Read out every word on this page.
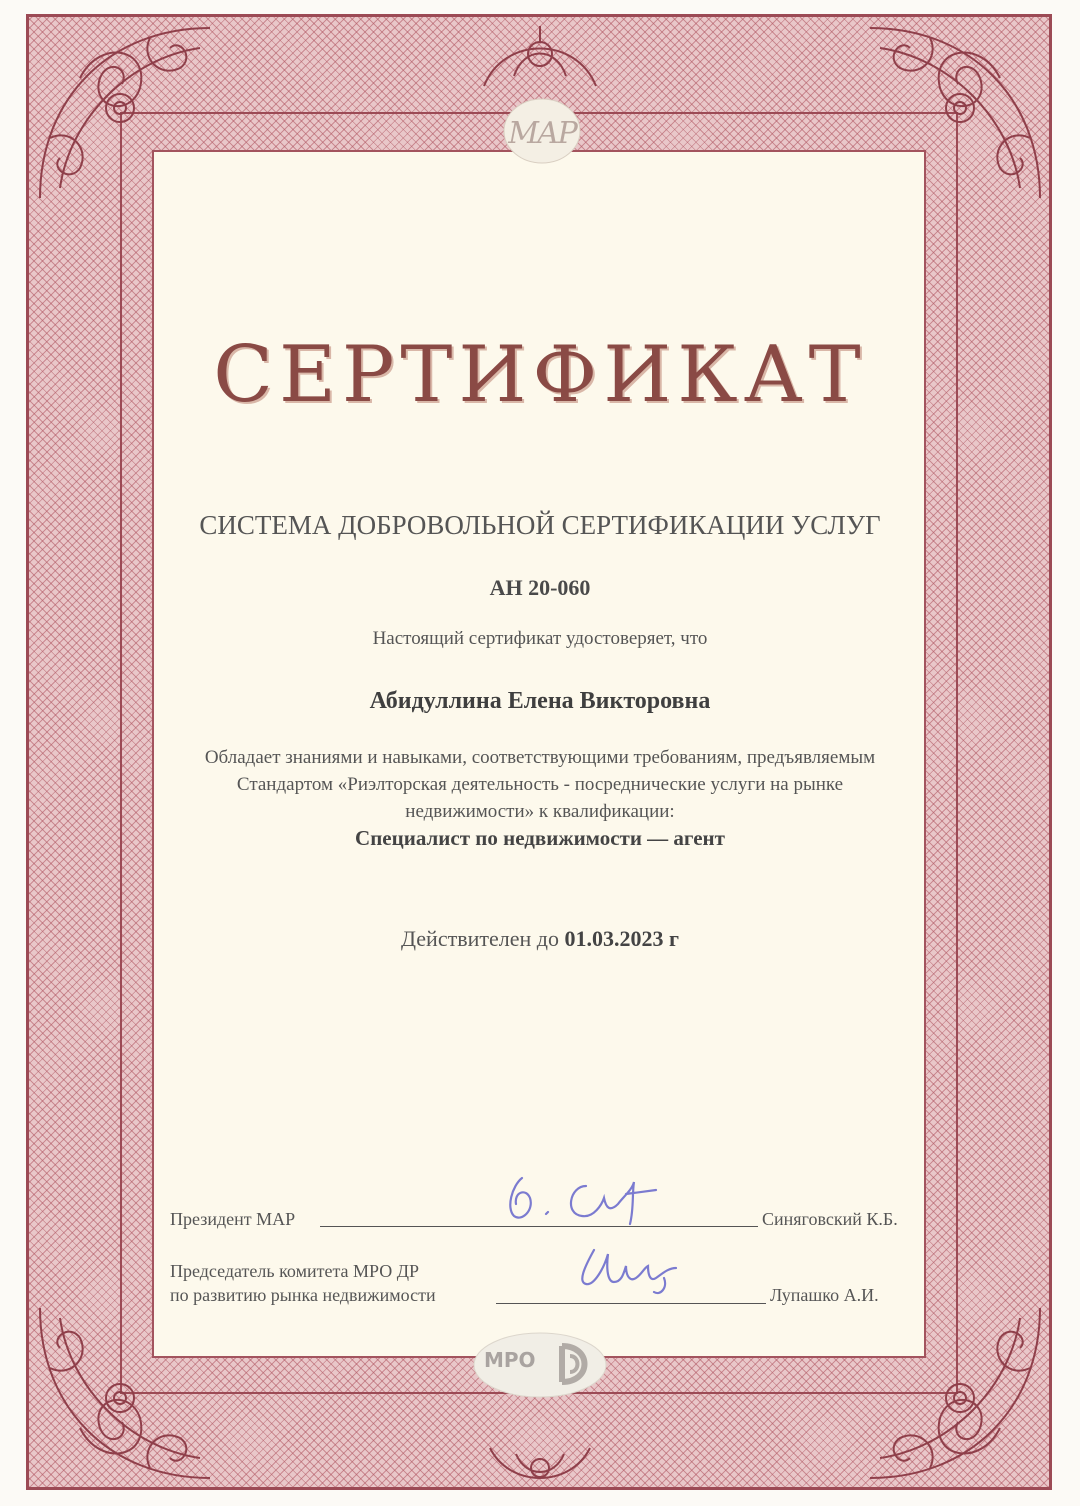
МАР
МРО
СЕРТИФИКАТ
СИСТЕМА ДОБРОВОЛЬНОЙ СЕРТИФИКАЦИИ УСЛУГ
АН 20-060
Настоящий сертификат удостоверяет, что
Абидуллина Елена Викторовна
Обладает знаниями и навыками, соответствующими требованиям, предъявляемым
Стандартом «Риэлторская деятельность - посреднические услуги на рынке
недвижимости» к квалификации:
Специалист по недвижимости — агент
Действителен до 01.03.2023 г
Президент МАР	Синяговский К.Б.
Председатель комитета МРО ДР
по развитию рынка недвижимости	Лупашко А.И.
